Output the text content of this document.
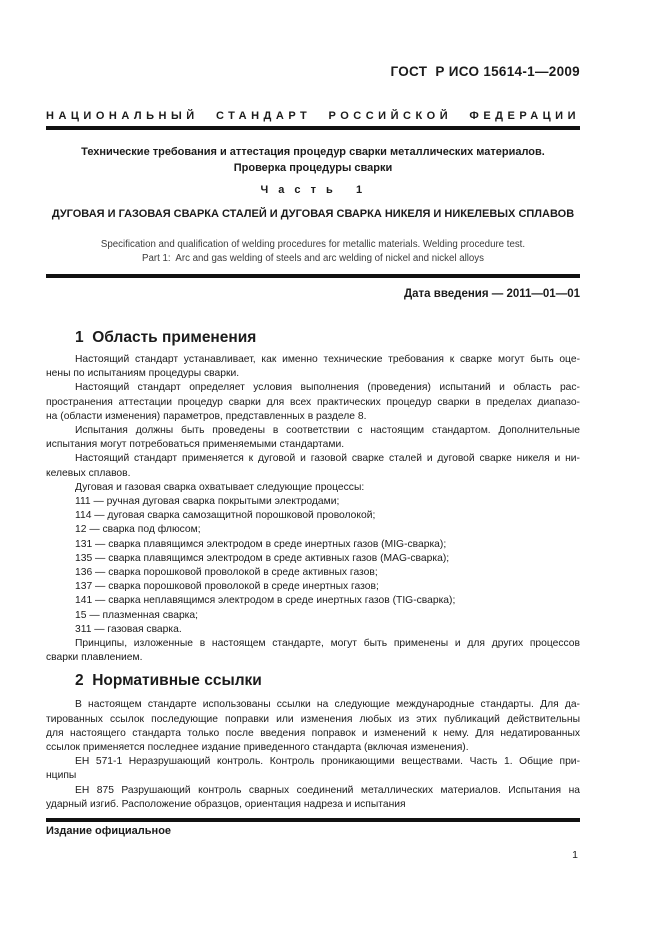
ГОСТ  Р ИСО 15614-1—2009
НАЦИОНАЛЬНЫЙ СТАНДАРТ РОССИЙСКОЙ ФЕДЕРАЦИИ
Технические требования и аттестация процедур сварки металлических материалов.
Проверка процедуры сварки
Ч а с т ь   1
ДУГОВАЯ И ГАЗОВАЯ СВАРКА СТАЛЕЙ И ДУГОВАЯ СВАРКА НИКЕЛЯ И НИКЕЛЕВЫХ СПЛАВОВ
Specification and qualification of welding procedures for metallic materials. Welding procedure test.
Part 1:  Arc and gas welding of steels and arc welding of nickel and nickel alloys
Дата введения — 2011—01—01
1  Область применения
Настоящий стандарт устанавливает, как именно технические требования к сварке могут быть оце-
нены по испытаниям процедуры сварки.
Настоящий стандарт определяет условия выполнения (проведения) испытаний и область рас-
пространения аттестации процедур сварки для всех практических процедур сварки в пределах диапазо-
на (области изменения) параметров, представленных в разделе 8.
Испытания должны быть проведены в соответствии с настоящим стандартом. Дополнительные
испытания могут потребоваться применяемыми стандартами.
Настоящий стандарт применяется к дуговой и газовой сварке сталей и дуговой сварке никеля и ни-
келевых сплавов.
Дуговая и газовая сварка охватывает следующие процессы:
111 — ручная дуговая сварка покрытыми электродами;
114 — дуговая сварка самозащитной порошковой проволокой;
12 — сварка под флюсом;
131 — сварка плавящимся электродом в среде инертных газов (MIG-сварка);
135 — сварка плавящимся электродом в среде активных газов (MAG-сварка);
136 — сварка порошковой проволокой в среде активных газов;
137 — сварка порошковой проволокой в среде инертных газов;
141 — сварка неплавящимся электродом в среде инертных газов (TIG-сварка);
15 — плазменная сварка;
311 — газовая сварка.
Принципы, изложенные в настоящем стандарте, могут быть применены и для других процессов
сварки плавлением.
2  Нормативные ссылки
В настоящем стандарте использованы ссылки на следующие международные стандарты. Для да-
тированных ссылок последующие поправки или изменения любых из этих публикаций действительны
для настоящего стандарта только после введения поправок и изменений к нему. Для недатированных
ссылок применяется последнее издание приведенного стандарта (включая изменения).
ЕН 571-1 Неразрушающий контроль. Контроль проникающими веществами. Часть 1. Общие при-
нципы
ЕН 875 Разрушающий контроль сварных соединений металлических материалов. Испытания на
ударный изгиб. Расположение образцов, ориентация надреза и испытания
Издание официальное
1
